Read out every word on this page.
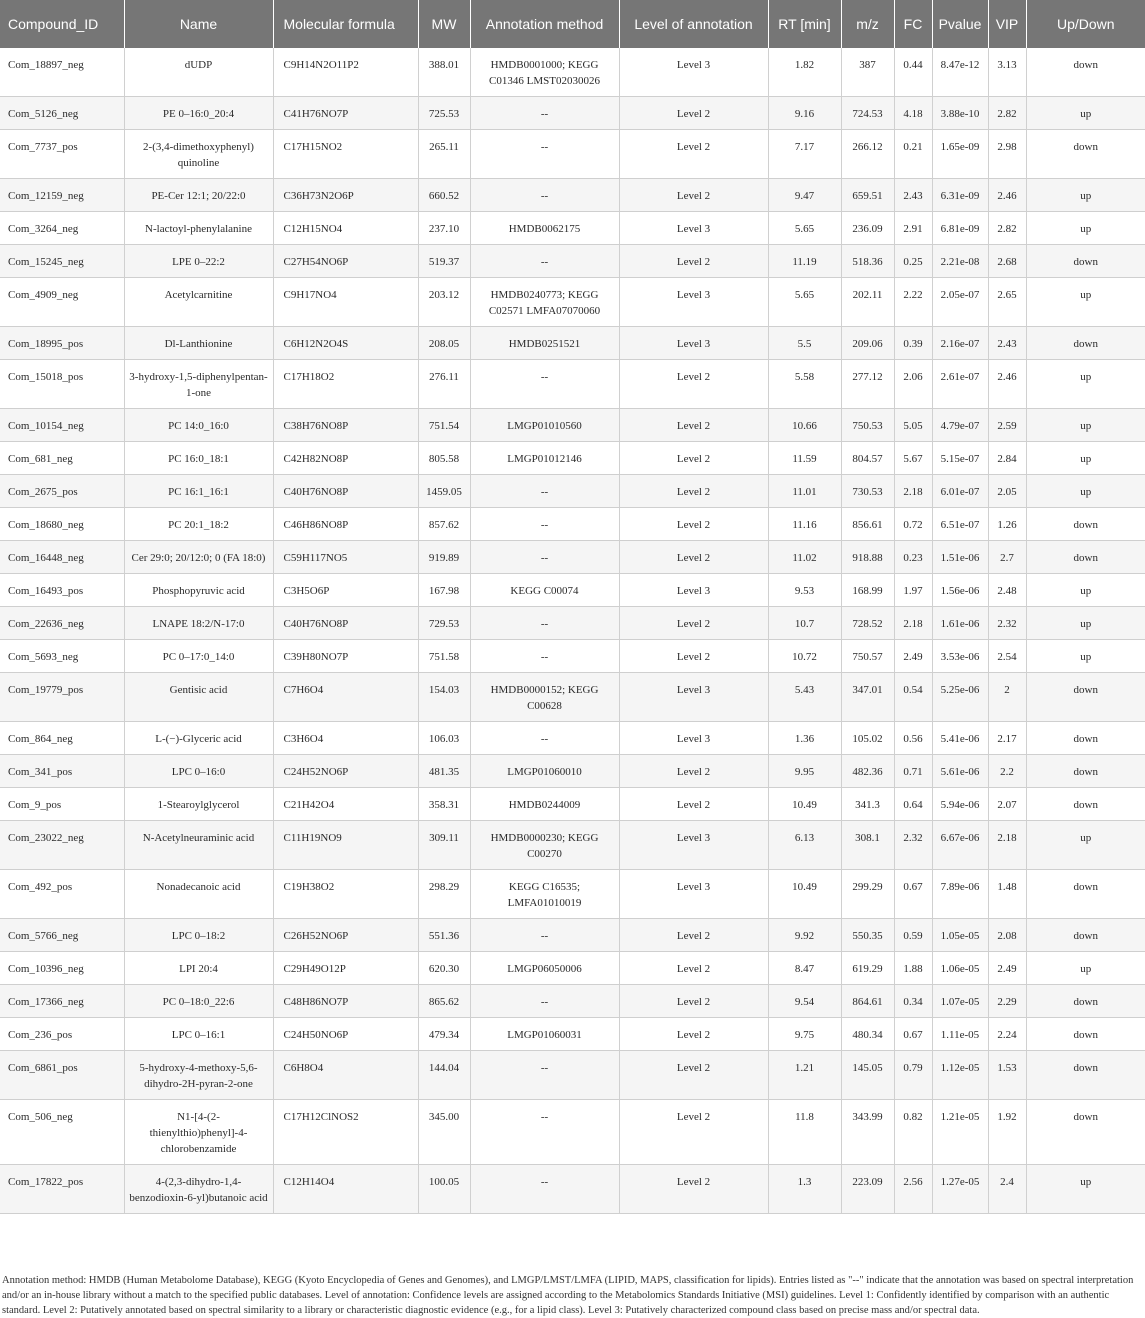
Compound_ID	Name	Molecular formula	MW	Annotation method	Level of annotation	RT [min]	m/z	FC	Pvalue	VIP	Up/Down
Com_18897_neg	dUDP	C9H14N2O11P2	388.01	HMDB0001000; KEGG C01346 LMST02030026	Level 3	1.82	387	0.44	8.47e-12	3.13	down
Com_5126_neg	PE 0–16:0_20:4	C41H76NO7P	725.53	--	Level 2	9.16	724.53	4.18	3.88e-10	2.82	up
Com_7737_pos	2-(3,4-dimethoxyphenyl) quinoline	C17H15NO2	265.11	--	Level 2	7.17	266.12	0.21	1.65e-09	2.98	down
Com_12159_neg	PE-Cer 12:1; 20/22:0	C36H73N2O6P	660.52	--	Level 2	9.47	659.51	2.43	6.31e-09	2.46	up
Com_3264_neg	N-lactoyl-phenylalanine	C12H15NO4	237.10	HMDB0062175	Level 3	5.65	236.09	2.91	6.81e-09	2.82	up
Com_15245_neg	LPE 0–22:2	C27H54NO6P	519.37	--	Level 2	11.19	518.36	0.25	2.21e-08	2.68	down
Com_4909_neg	Acetylcarnitine	C9H17NO4	203.12	HMDB0240773; KEGG C02571 LMFA07070060	Level 3	5.65	202.11	2.22	2.05e-07	2.65	up
Com_18995_pos	Dl-Lanthionine	C6H12N2O4S	208.05	HMDB0251521	Level 3	5.5	209.06	0.39	2.16e-07	2.43	down
Com_15018_pos	3-hydroxy-1,5-diphenylpentan-1-one	C17H18O2	276.11	--	Level 2	5.58	277.12	2.06	2.61e-07	2.46	up
Com_10154_neg	PC 14:0_16:0	C38H76NO8P	751.54	LMGP01010560	Level 2	10.66	750.53	5.05	4.79e-07	2.59	up
Com_681_neg	PC 16:0_18:1	C42H82NO8P	805.58	LMGP01012146	Level 2	11.59	804.57	5.67	5.15e-07	2.84	up
Com_2675_pos	PC 16:1_16:1	C40H76NO8P	1459.05	--	Level 2	11.01	730.53	2.18	6.01e-07	2.05	up
Com_18680_neg	PC 20:1_18:2	C46H86NO8P	857.62	--	Level 2	11.16	856.61	0.72	6.51e-07	1.26	down
Com_16448_neg	Cer 29:0; 20/12:0; 0 (FA 18:0)	C59H117NO5	919.89	--	Level 2	11.02	918.88	0.23	1.51e-06	2.7	down
Com_16493_pos	Phosphopyruvic acid	C3H5O6P	167.98	KEGG C00074	Level 3	9.53	168.99	1.97	1.56e-06	2.48	up
Com_22636_neg	LNAPE 18:2/N-17:0	C40H76NO8P	729.53	--	Level 2	10.7	728.52	2.18	1.61e-06	2.32	up
Com_5693_neg	PC 0–17:0_14:0	C39H80NO7P	751.58	--	Level 2	10.72	750.57	2.49	3.53e-06	2.54	up
Com_19779_pos	Gentisic acid	C7H6O4	154.03	HMDB0000152; KEGG C00628	Level 3	5.43	347.01	0.54	5.25e-06	2	down
Com_864_neg	L-(−)-Glyceric acid	C3H6O4	106.03	--	Level 3	1.36	105.02	0.56	5.41e-06	2.17	down
Com_341_pos	LPC 0–16:0	C24H52NO6P	481.35	LMGP01060010	Level 2	9.95	482.36	0.71	5.61e-06	2.2	down
Com_9_pos	1-Stearoylglycerol	C21H42O4	358.31	HMDB0244009	Level 2	10.49	341.3	0.64	5.94e-06	2.07	down
Com_23022_neg	N-Acetylneuraminic acid	C11H19NO9	309.11	HMDB0000230; KEGG C00270	Level 3	6.13	308.1	2.32	6.67e-06	2.18	up
Com_492_pos	Nonadecanoic acid	C19H38O2	298.29	KEGG C16535; LMFA01010019	Level 3	10.49	299.29	0.67	7.89e-06	1.48	down
Com_5766_neg	LPC 0–18:2	C26H52NO6P	551.36	--	Level 2	9.92	550.35	0.59	1.05e-05	2.08	down
Com_10396_neg	LPI 20:4	C29H49O12P	620.30	LMGP06050006	Level 2	8.47	619.29	1.88	1.06e-05	2.49	up
Com_17366_neg	PC 0–18:0_22:6	C48H86NO7P	865.62	--	Level 2	9.54	864.61	0.34	1.07e-05	2.29	down
Com_236_pos	LPC 0–16:1	C24H50NO6P	479.34	LMGP01060031	Level 2	9.75	480.34	0.67	1.11e-05	2.24	down
Com_6861_pos	5-hydroxy-4-methoxy-5,6-dihydro-2H-pyran-2-one	C6H8O4	144.04	--	Level 2	1.21	145.05	0.79	1.12e-05	1.53	down
Com_506_neg	N1-[4-(2-thienylthio)phenyl]-4-chlorobenzamide	C17H12ClNOS2	345.00	--	Level 2	11.8	343.99	0.82	1.21e-05	1.92	down
Com_17822_pos	4-(2,3-dihydro-1,4-benzodioxin-6-yl)butanoic acid	C12H14O4	100.05	--	Level 2	1.3	223.09	2.56	1.27e-05	2.4	up
Annotation method: HMDB (Human Metabolome Database), KEGG (Kyoto Encyclopedia of Genes and Genomes), and LMGP/LMST/LMFA (LIPID, MAPS, classification for lipids). Entries listed as "--" indicate that the annotation was based on spectral interpretation and/or an in-house library without a match to the specified public databases. Level of annotation: Confidence levels are assigned according to the Metabolomics Standards Initiative (MSI) guidelines. Level 1: Confidently identified by comparison with an authentic standard. Level 2: Putatively annotated based on spectral similarity to a library or characteristic diagnostic evidence (e.g., for a lipid class). Level 3: Putatively characterized compound class based on precise mass and/or spectral data.
